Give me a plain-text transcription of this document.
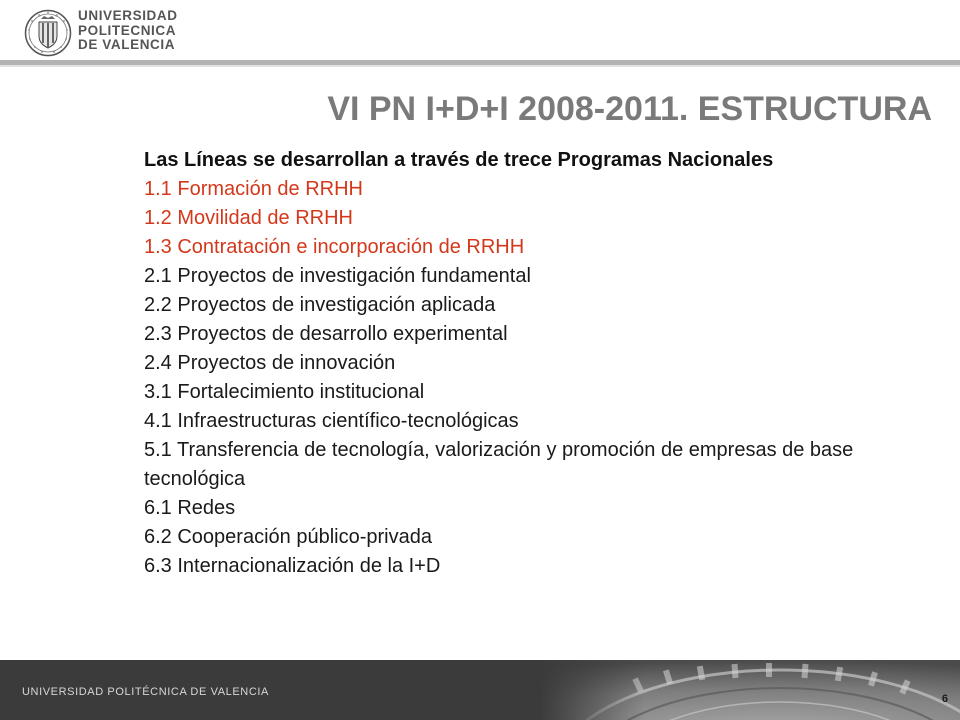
UNIVERSIDAD
POLITECNICA
DE VALENCIA
VI PN I+D+I 2008-2011. ESTRUCTURA

Las Líneas se desarrollan a través de trece Programas Nacionales

1.1 Formación de RRHH
1.2 Movilidad de RRHH
1.3 Contratación e incorporación de RRHH
2.1 Proyectos de investigación fundamental
2.2 Proyectos de investigación aplicada
2.3 Proyectos de desarrollo experimental
2.4 Proyectos de innovación
3.1 Fortalecimiento institucional
4.1 Infraestructuras científico-tecnológicas
5.1 Transferencia de tecnología, valorización y promoción de empresas de base tecnológica
6.1 Redes
6.2 Cooperación público-privada
6.3 Internacionalización de la I+D
UNIVERSIDAD POLITÉCNICA DE VALENCIA
6
